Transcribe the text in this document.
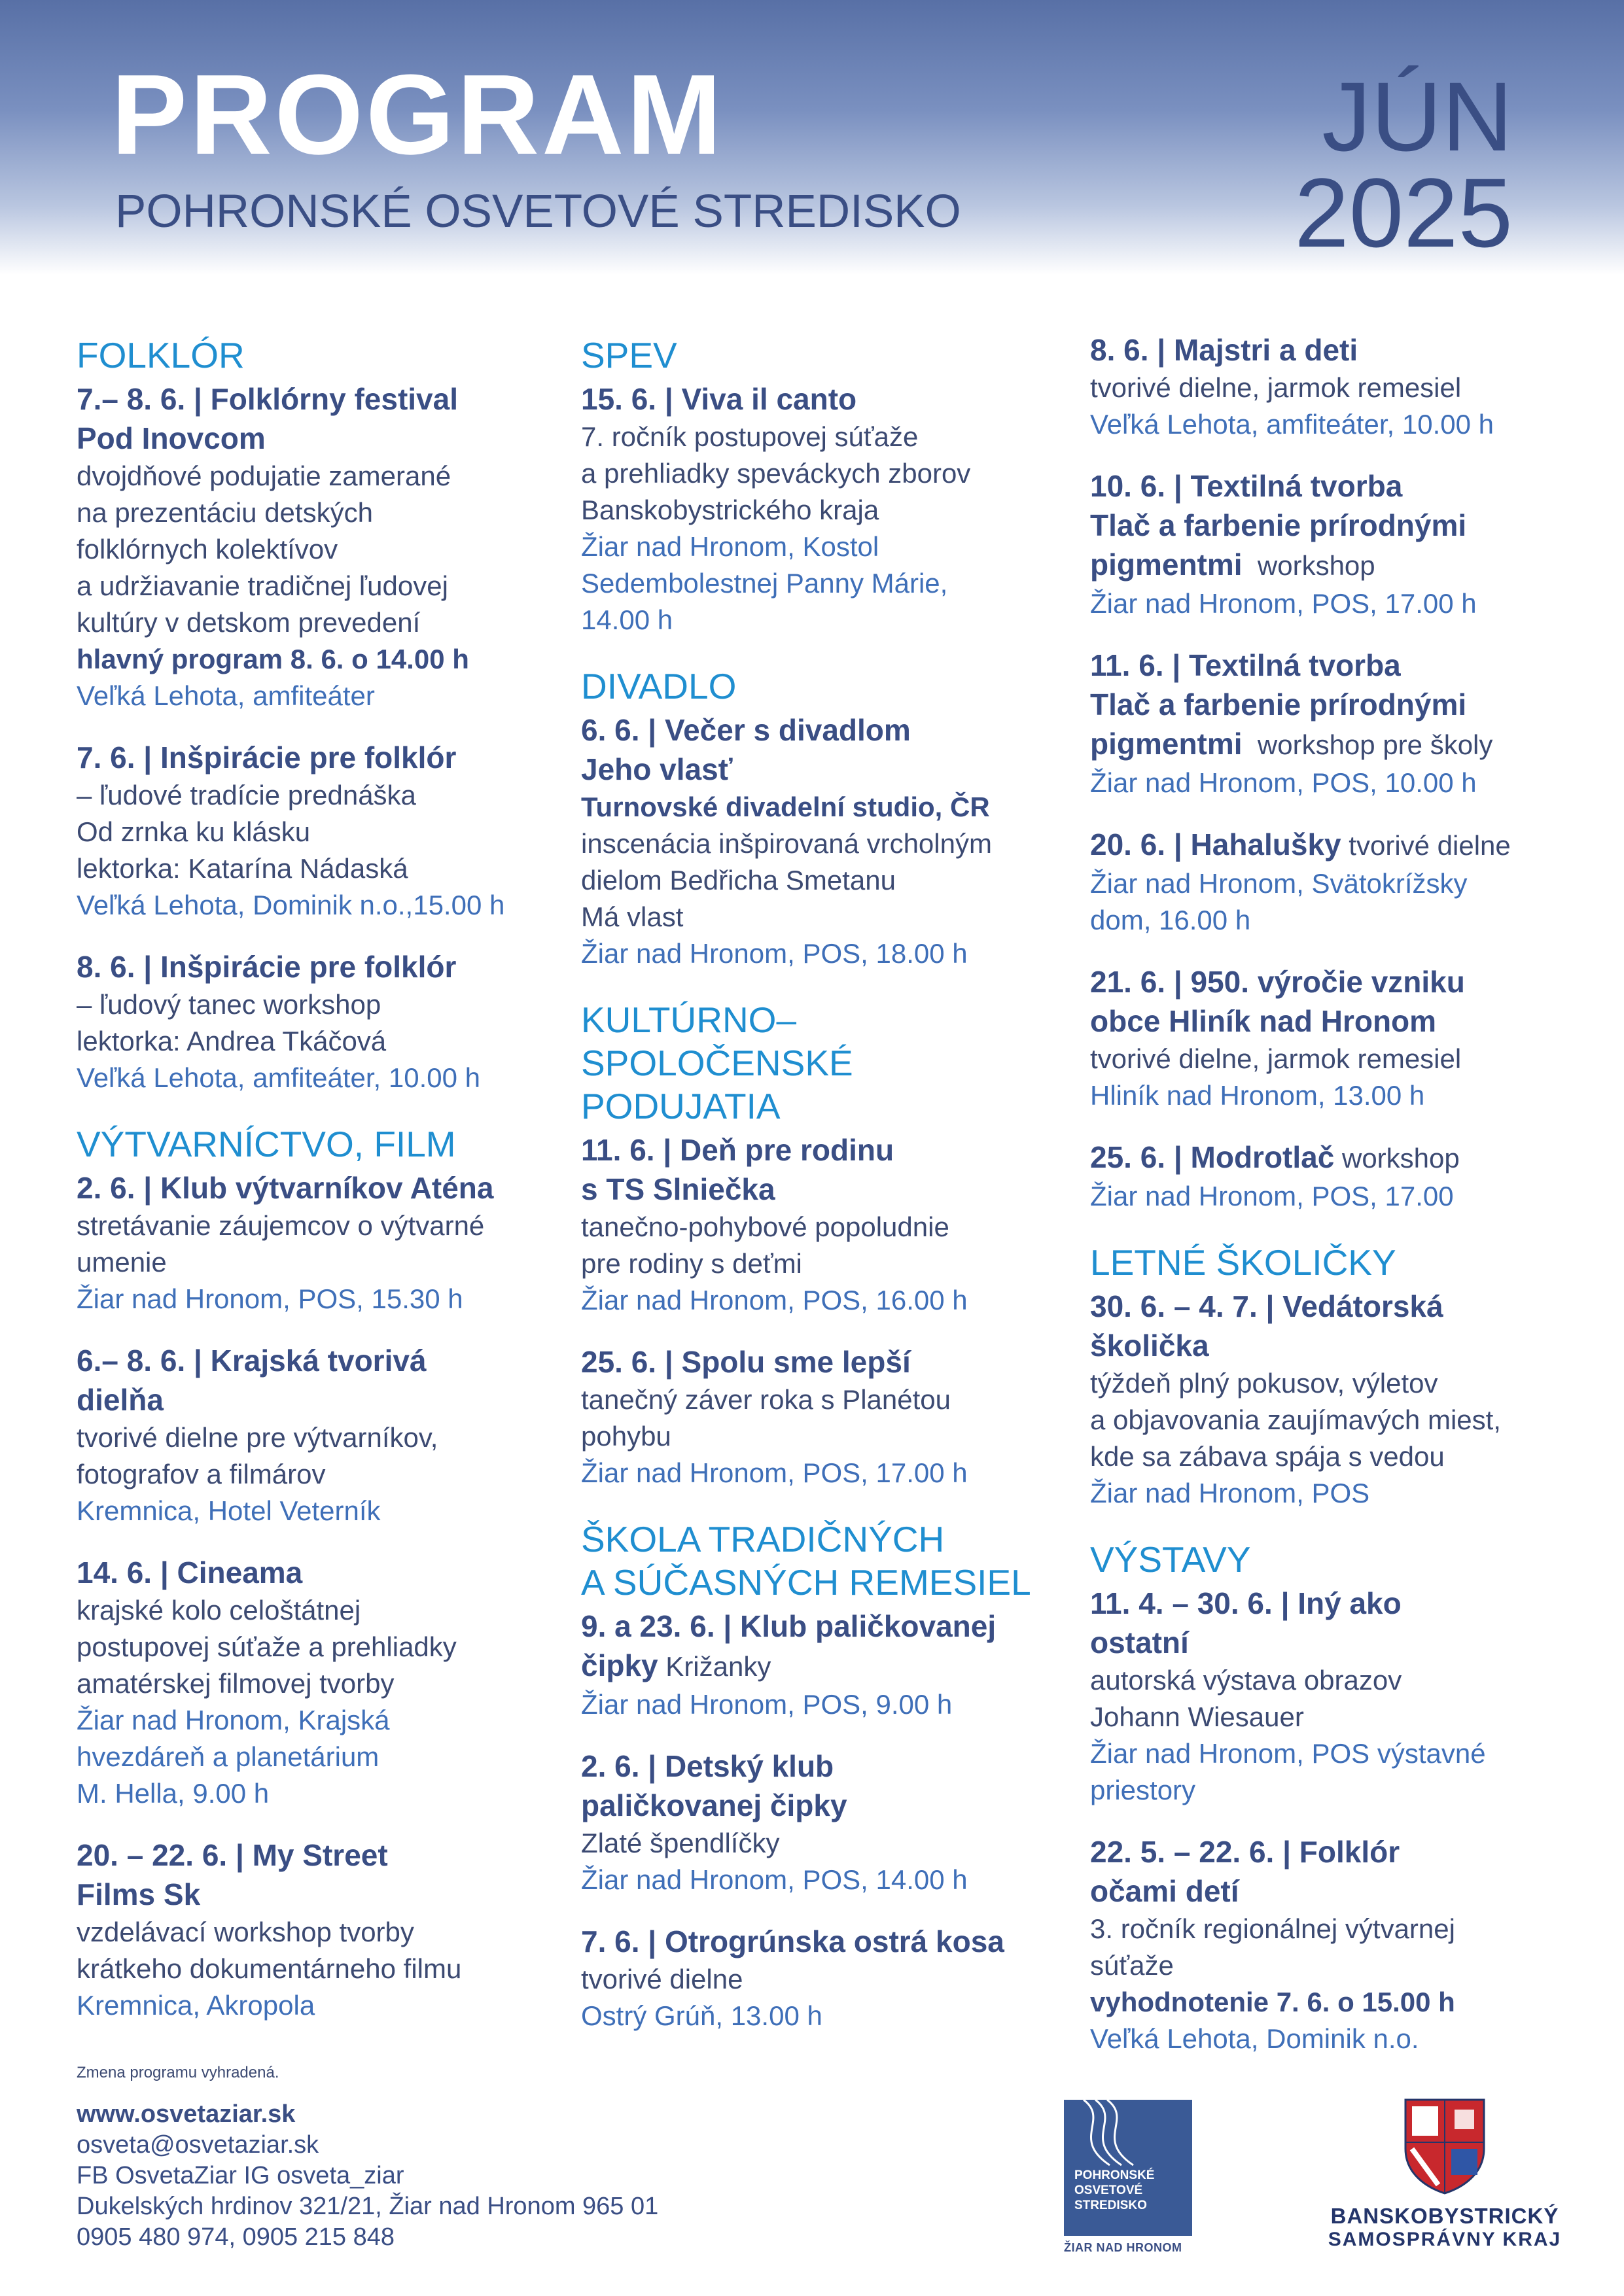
PROGRAM
POHRONSKÉ OSVETOVÉ STREDISKO
JÚN
2025
FOLKLÓR
7.– 8. 6. | Folklórny festival
Pod Inovcom
dvojdňové podujatie zamerané
na prezentáciu detských
folklórnych kolektívov
a udržiavanie tradičnej ľudovej
kultúry v detskom prevedení
hlavný program 8. 6. o 14.00 h
Veľká Lehota, amfiteáter
7. 6. | Inšpirácie pre folklór
– ľudové tradície prednáška
Od zrnka ku klásku
lektorka: Katarína Nádaská
Veľká Lehota, Dominik n.o.,15.00 h
8. 6. | Inšpirácie pre folklór
– ľudový tanec workshop
lektorka: Andrea Tkáčová
Veľká Lehota, amfiteáter, 10.00 h
VÝTVARNÍCTVO, FILM
2. 6. | Klub výtvarníkov Aténa
stretávanie záujemcov o výtvarné
umenie
Žiar nad Hronom, POS, 15.30 h
6.– 8. 6. | Krajská tvorivá
dielňa
tvorivé dielne pre výtvarníkov,
fotografov a filmárov
Kremnica, Hotel Veterník
14. 6. | Cineama
krajské kolo celoštátnej
postupovej súťaže a prehliadky
amatérskej filmovej tvorby
Žiar nad Hronom, Krajská
hvezdáreň a planetárium
M. Hella, 9.00 h
20. – 22. 6. | My Street
Films Sk
vzdelávací workshop tvorby
krátkeho dokumentárneho filmu
Kremnica, Akropola
SPEV
15. 6. | Viva il canto
7. ročník postupovej súťaže
a prehliadky speváckych zborov
Banskobystrického kraja
Žiar nad Hronom, Kostol
Sedembolestnej Panny Márie,
14.00 h
DIVADLO
6. 6. | Večer s divadlom
Jeho vlasť
Turnovské divadelní studio, ČR
inscenácia inšpirovaná vrcholným
dielom Bedřicha Smetanu
Má vlast
Žiar nad Hronom, POS, 18.00 h
KULTÚRNO–SPOLOČENSKÉ
PODUJATIA
11. 6. | Deň pre rodinu
s TS Slniečka
tanečno-pohybové popoludnie
pre rodiny s deťmi
Žiar nad Hronom, POS, 16.00 h
25. 6. | Spolu sme lepší
tanečný záver roka s Planétou
pohybu
Žiar nad Hronom, POS, 17.00 h
ŠKOLA TRADIČNÝCH
A SÚČASNÝCH REMESIEL
9. a 23. 6. | Klub paličkovanej
čipky Križanky
Žiar nad Hronom, POS, 9.00 h
2. 6. | Detský klub
paličkovanej čipky
Zlaté špendlíčky
Žiar nad Hronom, POS, 14.00 h
7. 6. | Otrogrúnska ostrá kosa
tvorivé dielne
Ostrý Grúň, 13.00 h
8. 6. | Majstri a deti
tvorivé dielne, jarmok remesiel
Veľká Lehota, amfiteáter, 10.00 h
10. 6. | Textilná tvorba
Tlač a farbenie prírodnými
pigmentmi  workshop
Žiar nad Hronom, POS, 17.00 h
11. 6. | Textilná tvorba
Tlač a farbenie prírodnými
pigmentmi  workshop pre školy
Žiar nad Hronom, POS, 10.00 h
20. 6. | Hahalušky tvorivé dielne
Žiar nad Hronom, Svätokrížsky
dom, 16.00 h
21. 6. | 950. výročie vzniku
obce Hliník nad Hronom
tvorivé dielne, jarmok remesiel
Hliník nad Hronom, 13.00 h
25. 6. | Modrotlač workshop
Žiar nad Hronom, POS, 17.00
LETNÉ ŠKOLIČKY
30. 6. – 4. 7. | Vedátorská
školička
týždeň plný pokusov, výletov
a objavovania zaujímavých miest,
kde sa zábava spája s vedou
Žiar nad Hronom, POS
VÝSTAVY
11. 4. – 30. 6. | Iný ako
ostatní
autorská výstava obrazov
Johann Wiesauer
Žiar nad Hronom, POS výstavné
priestory
22. 5. – 22. 6. | Folklór
očami detí
3. ročník regionálnej výtvarnej
súťaže
vyhodnotenie 7. 6. o 15.00 h
Veľká Lehota, Dominik n.o.
Zmena programu vyhradená.
www.osvetaziar.sk
osveta@osvetaziar.sk
FB OsvetaZiar IG osveta_ziar
Dukelských hrdinov 321/21, Žiar nad Hronom 965 01
0905 480 974, 0905 215 848
POHRONSKÉ
OSVETOVÉ
STREDISKO
ŽIAR NAD HRONOM
BANSKOBYSTRICKÝ
SAMOSPRÁVNY KRAJ
